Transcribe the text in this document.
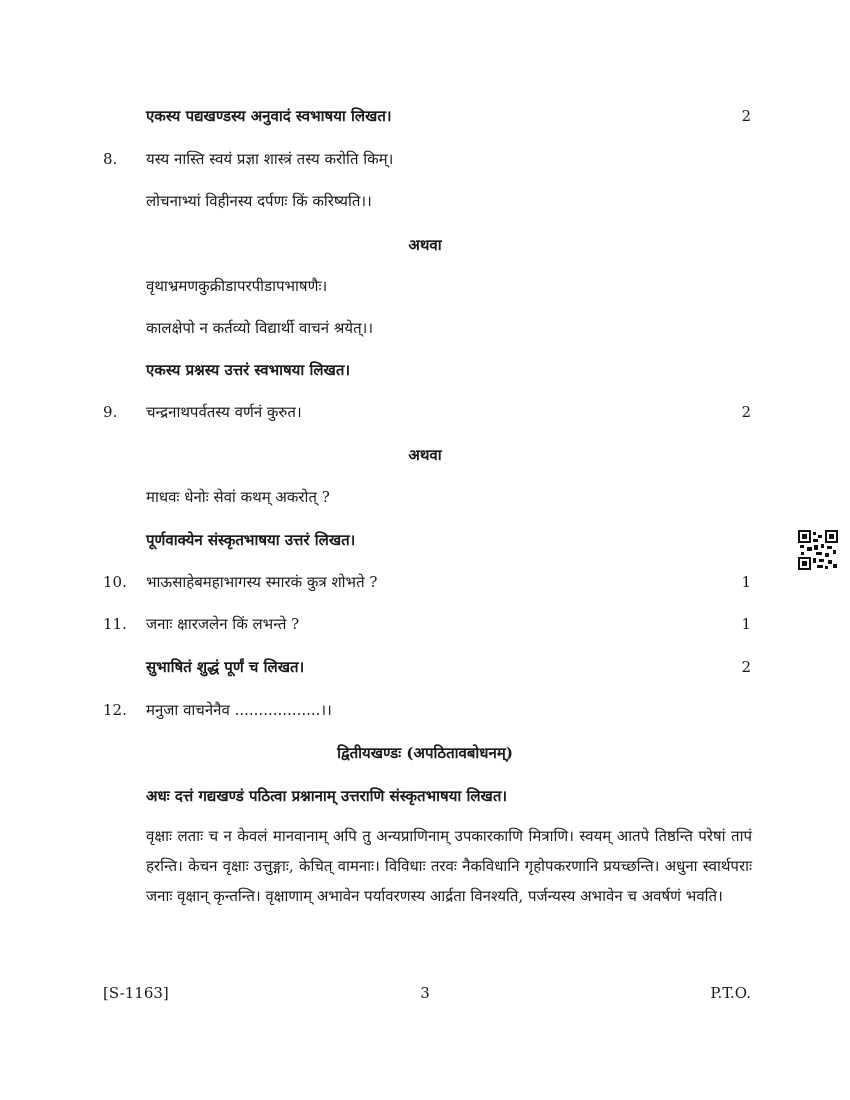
एकस्य पद्यखण्डस्य अनुवादं स्वभाषया लिखत।	2
8. यस्य नास्ति स्वयं प्रज्ञा शास्त्रं तस्य करोति किम्।
लोचनाभ्यां विहीनस्य दर्पणः किं करिष्यति।।
अथवा
वृथाभ्रमणकुक्रीडापरपीडापभाषणैः।
कालक्षेपो न कर्तव्यो विद्यार्थी वाचनं श्रयेत्।।
एकस्य प्रश्नस्य उत्तरं स्वभाषया लिखत।
9. चन्द्रनाथपर्वतस्य वर्णनं कुरुत।	2
अथवा
माधवः धेनोः सेवां कथम् अकरोत् ?
पूर्णवाक्येन संस्कृतभाषया उत्तरं लिखत।
10. भाऊसाहेबमहाभागस्य स्मारकं कुत्र शोभते ?	1
11. जनाः क्षारजलेन किं लभन्ते ?	1
सुभाषितं शुद्धं पूर्णं च लिखत।	2
12. मनुजा वाचनेनैव ..................।।
द्वितीयखण्डः (अपठितावबोधनम्)
अधः दत्तं गद्यखण्डं पठित्वा प्रश्नानाम् उत्तराणि संस्कृतभाषया लिखत।
वृक्षाः लताः च न केवलं मानवानाम् अपि तु अन्यप्राणिनाम् उपकारकाणि मित्राणि। स्वयम् आतपे तिष्ठन्ति परेषां तापं हरन्ति। केचन वृक्षाः उत्तुङ्गाः, केचित् वामनाः। विविधाः तरवः नैकविधानि गृहोपकरणानि प्रयच्छन्ति। अधुना स्वार्थपराः जनाः वृक्षान् कृन्तन्ति। वृक्षाणाम् अभावेन पर्यावरणस्य आर्द्रता विनश्यति, पर्जन्यस्य अभावेन च अवर्षणं भवति।
[S-1163]	3	P.T.O.
